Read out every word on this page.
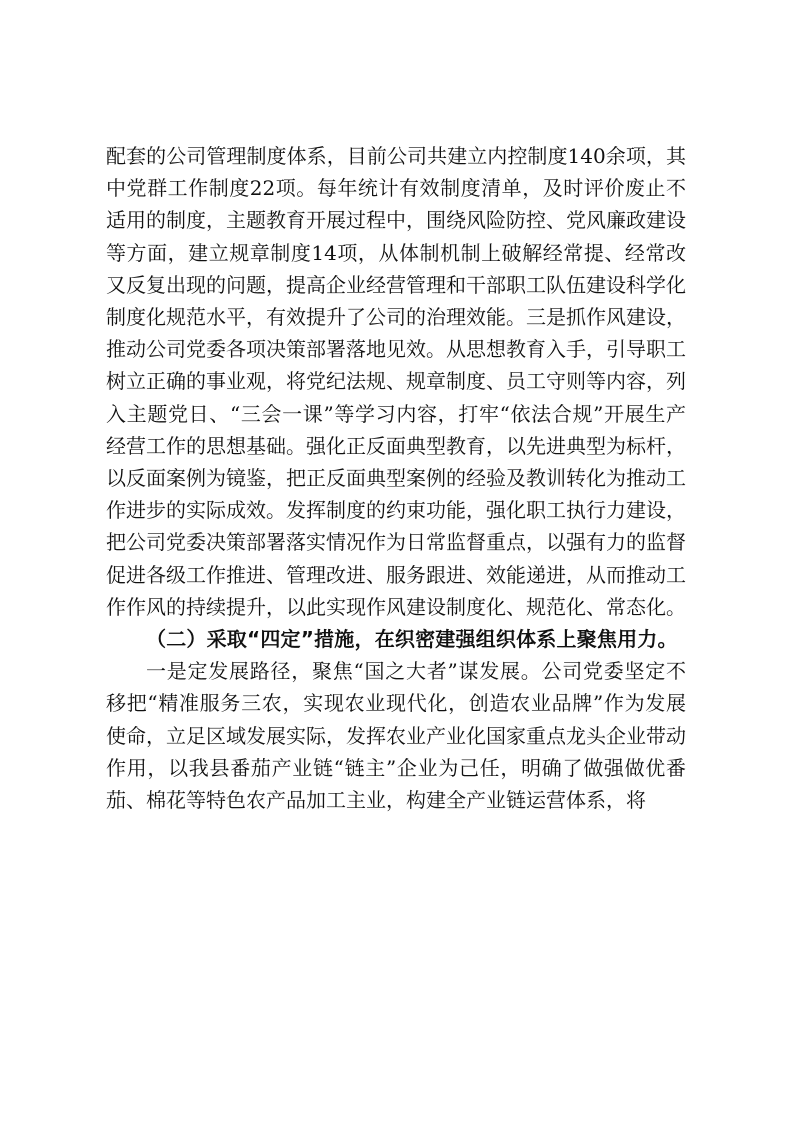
配套的公司管理制度体系，目前公司共建立内控制度140余项，其中党群工作制度22项。每年统计有效制度清单，及时评价废止不适用的制度，主题教育开展过程中，围绕风险防控、党风廉政建设等方面，建立规章制度14项，从体制机制上破解经常提、经常改又反复出现的问题，提高企业经营管理和干部职工队伍建设科学化制度化规范水平，有效提升了公司的治理效能。三是抓作风建设，推动公司党委各项决策部署落地见效。从思想教育入手，引导职工树立正确的事业观，将党纪法规、规章制度、员工守则等内容，列入主题党日、“三会一课”等学习内容，打牢“依法合规”开展生产经营工作的思想基础。强化正反面典型教育，以先进典型为标杆，以反面案例为镜鉴，把正反面典型案例的经验及教训转化为推动工作进步的实际成效。发挥制度的约束功能，强化职工执行力建设，把公司党委决策部署落实情况作为日常监督重点，以强有力的监督促进各级工作推进、管理改进、服务跟进、效能递进，从而推动工作作风的持续提升，以此实现作风建设制度化、规范化、常态化。

（二）采取“四定”措施，在织密建强组织体系上聚焦用力。

一是定发展路径，聚焦“国之大者”谋发展。公司党委坚定不移把“精准服务三农，实现农业现代化，创造农业品牌”作为发展使命，立足区域发展实际，发挥农业产业化国家重点龙头企业带动作用，以我县番茄产业链“链主”企业为己任，明确了做强做优番茄、棉花等特色农产品加工主业，构建全产业链运营体系，将
